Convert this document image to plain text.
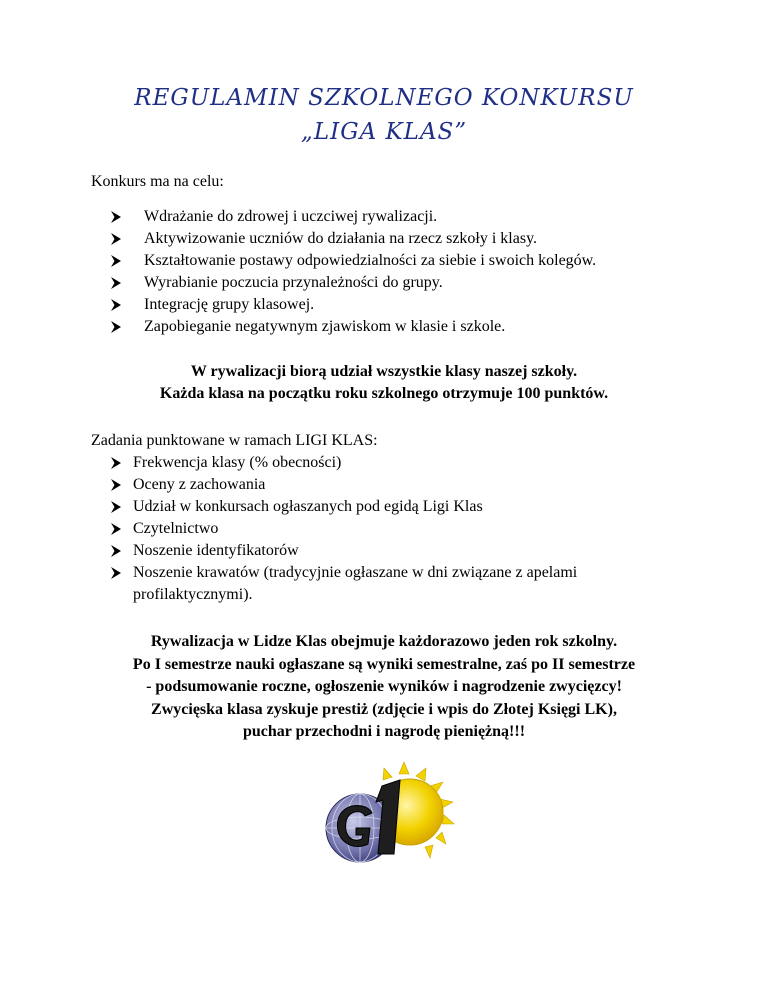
REGULAMIN SZKOLNEGO KONKURSU
„LIGA KLAS”
Konkurs ma na celu:
Wdrażanie do zdrowej i uczciwej rywalizacji.
Aktywizowanie uczniów do działania na rzecz szkoły i klasy.
Kształtowanie postawy odpowiedzialności za siebie i swoich kolegów.
Wyrabianie poczucia przynależności do grupy.
Integrację grupy klasowej.
Zapobieganie negatywnym zjawiskom w klasie i szkole.
W rywalizacji biorą udział wszystkie klasy naszej szkoły.
Każda klasa na początku roku szkolnego otrzymuje 100 punktów.
Zadania punktowane w ramach LIGI KLAS:
Frekwencja klasy (% obecności)
Oceny z zachowania
Udział w konkursach ogłaszanych pod egidą Ligi Klas
Czytelnictwo
Noszenie identyfikatorów
Noszenie krawatów (tradycyjnie ogłaszane w dni związane z apelami profilaktycznymi).
Rywalizacja w Lidze Klas obejmuje każdorazowo jeden rok szkolny.
Po I semestrze nauki ogłaszane są wyniki semestralne, zaś po II semestrze
- podsumowanie roczne, ogłoszenie wyników i nagrodzenie zwycięzcy!
Zwycięska klasa zyskuje prestiż (zdjęcie i wpis do Złotej Księgi LK),
puchar przechodni i nagrodę pieniężną!!!
